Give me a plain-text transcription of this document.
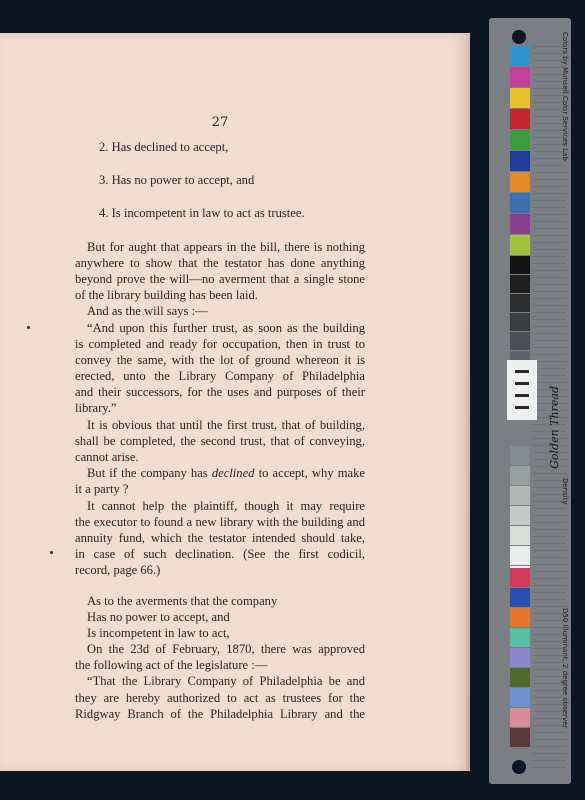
27
2. Has declined to accept,
3. Has no power to accept, and
4. Is incompetent in law to act as trustee.
But for aught that appears in the bill, there is nothing
anywhere to show that the testator has done anything
beyond prove the will—no averment that a single stone
of the library building has been laid.
And as the will says :—
“And upon this further trust, as soon as the building
is completed and ready for occupation, then in trust to
convey the same, with the lot of ground whereon it is
erected, unto the Library Company of Philadelphia
and their successors, for the uses and purposes of their
library.”
It is obvious that until the first trust, that of building,
shall be completed, the second trust, that of conveying,
cannot arise.
But if the company has declined to accept, why make
it a party ?
It cannot help the plaintiff, though it may require
the executor to found a new library with the building and
annuity fund, which the testator intended should take,
in case of such declination. (See the first codicil,
record, page 66.)
As to the averments that the company
Has no power to accept, and
Is incompetent in law to act,
On the 23d of February, 1870, there was approved
the following act of the legislature :—
“That the Library Company of Philadelphia be and
they are hereby authorized to act as trustees for the
Ridgway Branch of the Philadelphia Library and the
Colors by Munsell Color Services Lab
Density
D50 Illuminant, 2 degree observer
Golden Thread
